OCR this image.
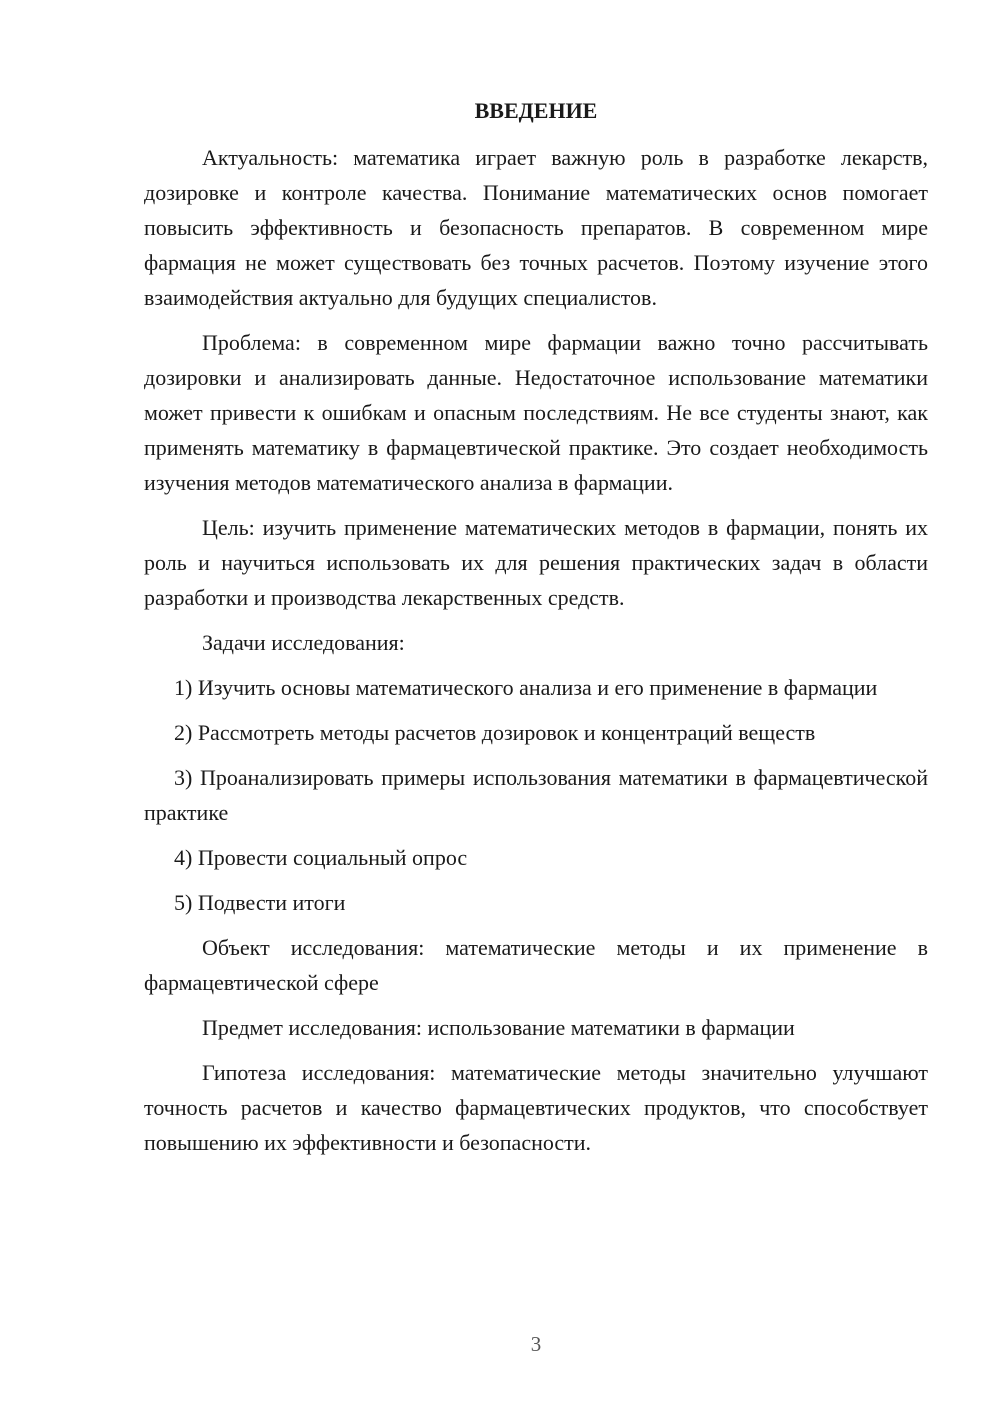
ВВЕДЕНИЕ

Актуальность: математика играет важную роль в разработке лекарств, дозировке и контроле качества. Понимание математических основ помогает повысить эффективность и безопасность препаратов. В современном мире фармация не может существовать без точных расчетов. Поэтому изучение этого взаимодействия актуально для будущих специалистов.

Проблема: в современном мире фармации важно точно рассчитывать дозировки и анализировать данные. Недостаточное использование математики может привести к ошибкам и опасным последствиям. Не все студенты знают, как применять математику в фармацевтической практике. Это создает необходимость изучения методов математического анализа в фармации.

Цель: изучить применение математических методов в фармации, понять их роль и научиться использовать их для решения практических задач в области разработки и производства лекарственных средств.

Задачи исследования:

1) Изучить основы математического анализа и его применение в фармации

2) Рассмотреть методы расчетов дозировок и концентраций веществ

3) Проанализировать примеры использования математики в фармацевтической практике

4) Провести социальный опрос

5) Подвести итоги

Объект исследования: математические методы и их применение в фармацевтической сфере

Предмет исследования: использование математики в фармации

Гипотеза исследования: математические методы значительно улучшают точность расчетов и качество фармацевтических продуктов, что способствует повышению их эффективности и безопасности.

3
